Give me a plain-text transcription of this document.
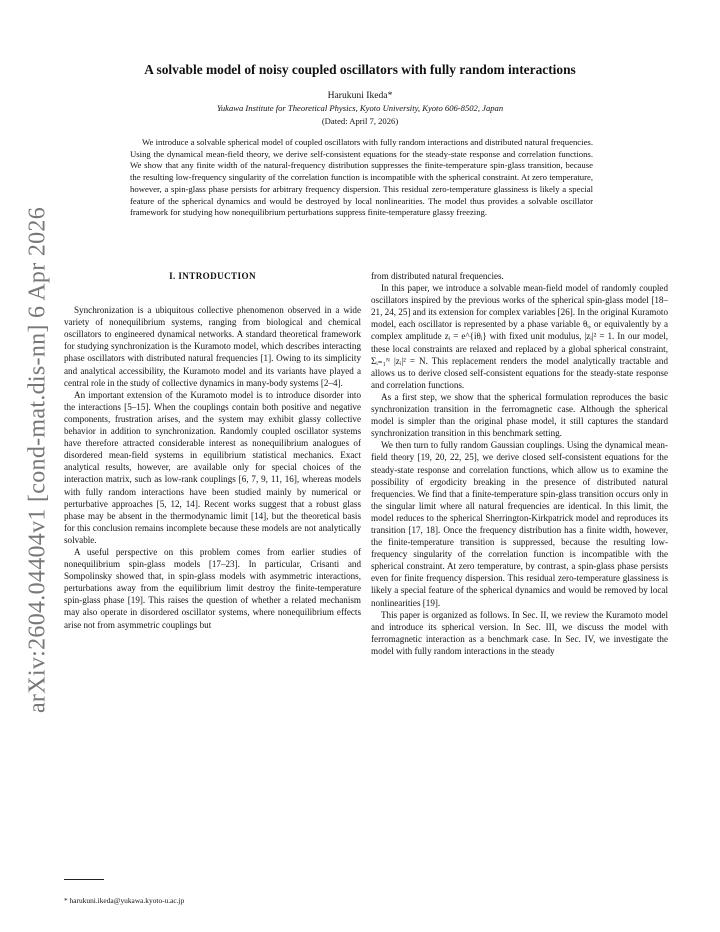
arXiv:2604.04404v1 [cond-mat.dis-nn] 6 Apr 2026
A solvable model of noisy coupled oscillators with fully random interactions
Harukuni Ikeda*
Yukawa Institute for Theoretical Physics, Kyoto University, Kyoto 606-8502, Japan
(Dated: April 7, 2026)
We introduce a solvable spherical model of coupled oscillators with fully random interactions and distributed natural frequencies. Using the dynamical mean-field theory, we derive self-consistent equations for the steady-state response and correlation functions. We show that any finite width of the natural-frequency distribution suppresses the finite-temperature spin-glass transition, because the resulting low-frequency singularity of the correlation function is incompatible with the spherical constraint. At zero temperature, however, a spin-glass phase persists for arbitrary frequency dispersion. This residual zero-temperature glassiness is likely a special feature of the spherical dynamics and would be destroyed by local nonlinearities. The model thus provides a solvable oscillator framework for studying how nonequilibrium perturbations suppress finite-temperature glassy freezing.

I. INTRODUCTION

Synchronization is a ubiquitous collective phenomenon observed in a wide variety of nonequilibrium systems, ranging from biological and chemical oscillators to engineered dynamical networks. A standard theoretical framework for studying synchronization is the Kuramoto model, which describes interacting phase oscillators with distributed natural frequencies [1]. Owing to its simplicity and analytical accessibility, the Kuramoto model and its variants have played a central role in the study of collective dynamics in many-body systems [2–4].

An important extension of the Kuramoto model is to introduce disorder into the interactions [5–15]. When the couplings contain both positive and negative components, frustration arises, and the system may exhibit glassy collective behavior in addition to synchronization. Randomly coupled oscillator systems have therefore attracted considerable interest as nonequilibrium analogues of disordered mean-field systems in equilibrium statistical mechanics. Exact analytical results, however, are available only for special choices of the interaction matrix, such as low-rank couplings [6, 7, 9, 11, 16], whereas models with fully random interactions have been studied mainly by numerical or perturbative approaches [5, 12, 14]. Recent works suggest that a robust glass phase may be absent in the thermodynamic limit [14], but the theoretical basis for this conclusion remains incomplete because these models are not analytically solvable.

A useful perspective on this problem comes from earlier studies of nonequilibrium spin-glass models [17–23]. In particular, Crisanti and Sompolinsky showed that, in spin-glass models with asymmetric interactions, perturbations away from the equilibrium limit destroy the finite-temperature spin-glass phase [19]. This raises the question of whether a related mechanism may also operate in disordered oscillator systems, where nonequilibrium effects arise not from asymmetric couplings but

from distributed natural frequencies.

In this paper, we introduce a solvable mean-field model of randomly coupled oscillators inspired by the previous works of the spherical spin-glass model [18–21, 24, 25] and its extension for complex variables [26]. In the original Kuramoto model, each oscillator is represented by a phase variable θᵢ, or equivalently by a complex amplitude zᵢ = e^{iθᵢ} with fixed unit modulus, |zᵢ|² = 1. In our model, these local constraints are relaxed and replaced by a global spherical constraint, Σᵢ₌₁ᴺ |zᵢ|² = N. This replacement renders the model analytically tractable and allows us to derive closed self-consistent equations for the steady-state response and correlation functions.

As a first step, we show that the spherical formulation reproduces the basic synchronization transition in the ferromagnetic case. Although the spherical model is simpler than the original phase model, it still captures the standard synchronization transition in this benchmark setting.

We then turn to fully random Gaussian couplings. Using the dynamical mean-field theory [19, 20, 22, 25], we derive closed self-consistent equations for the steady-state response and correlation functions, which allow us to examine the possibility of ergodicity breaking in the presence of distributed natural frequencies. We find that a finite-temperature spin-glass transition occurs only in the singular limit where all natural frequencies are identical. In this limit, the model reduces to the spherical Sherrington-Kirkpatrick model and reproduces its transition [17, 18]. Once the frequency distribution has a finite width, however, the finite-temperature transition is suppressed, because the resulting low-frequency singularity of the correlation function is incompatible with the spherical constraint. At zero temperature, by contrast, a spin-glass phase persists even for finite frequency dispersion. This residual zero-temperature glassiness is likely a special feature of the spherical dynamics and would be removed by local nonlinearities [19].

This paper is organized as follows. In Sec. II, we review the Kuramoto model and introduce its spherical version. In Sec. III, we discuss the model with ferromagnetic interaction as a benchmark case. In Sec. IV, we investigate the model with fully random interactions in the steady

* harukuni.ikeda@yukawa.kyoto-u.ac.jp
